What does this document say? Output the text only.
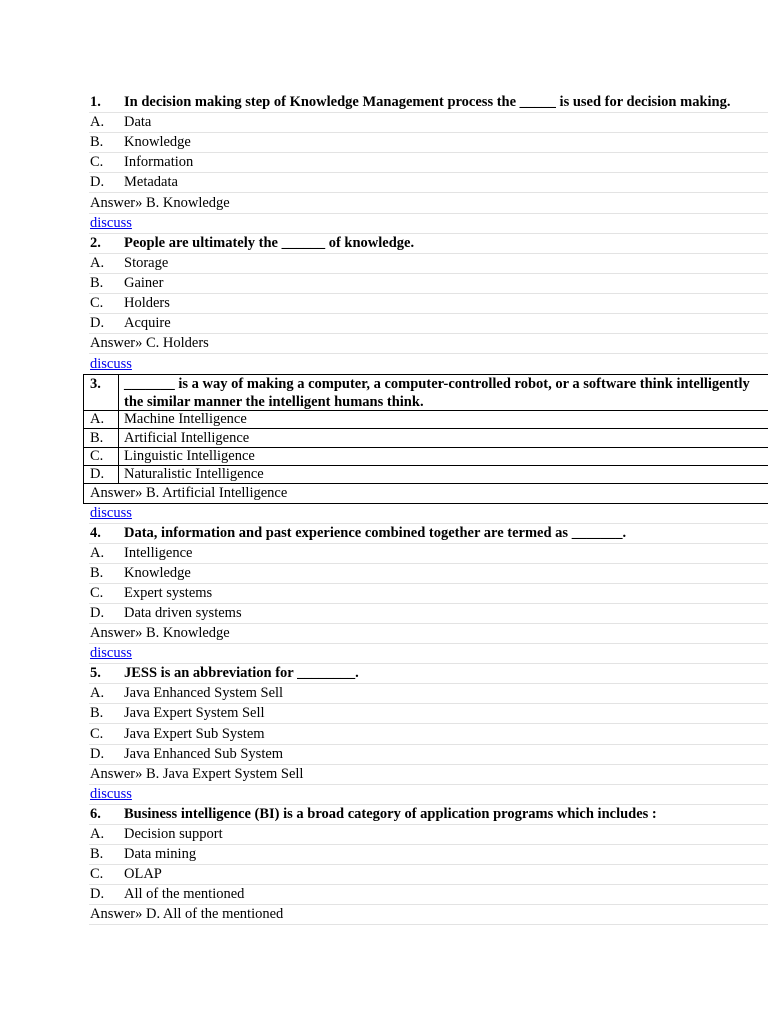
1.	In decision making step of Knowledge Management process the _____ is used for decision making.
A.	Data
B.	Knowledge
C.	Information
D.	Metadata
Answer» B. Knowledge
discuss
2.	People are ultimately the ______ of knowledge.
A.	Storage
B.	Gainer
C.	Holders
D.	Acquire
Answer» C. Holders
discuss
3.	_______ is a way of making a computer, a computer-controlled robot, or a software think intelligently
the similar manner the intelligent humans think.
A.	Machine Intelligence
B.	Artificial Intelligence
C.	Linguistic Intelligence
D.	Naturalistic Intelligence
Answer» B. Artificial Intelligence
discuss
4.	Data, information and past experience combined together are termed as _______.
A.	Intelligence
B.	Knowledge
C.	Expert systems
D.	Data driven systems
Answer» B. Knowledge
discuss
5.	JESS is an abbreviation for ________.
A.	Java Enhanced System Sell
B.	Java Expert System Sell
C.	Java Expert Sub System
D.	Java Enhanced Sub System
Answer» B. Java Expert System Sell
discuss
6.	Business intelligence (BI) is a broad category of application programs which includes :
A.	Decision support
B.	Data mining
C.	OLAP
D.	All of the mentioned
Answer» D. All of the mentioned
